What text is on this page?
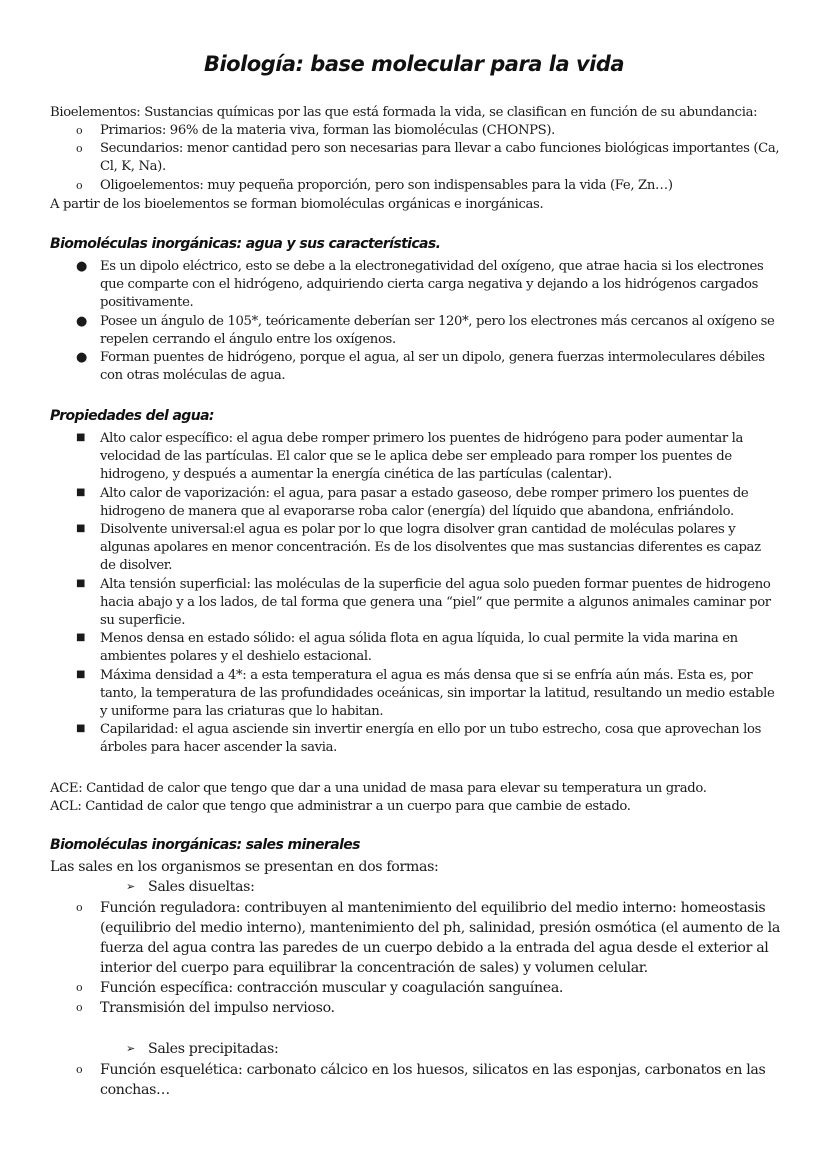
Biología: base molecular para la vida
Bioelementos: Sustancias químicas por las que está formada la vida, se clasifican en función de su abundancia:
o Primarios: 96% de la materia viva, forman las biomoléculas (CHONPS).
o Secundarios: menor cantidad pero son necesarias para llevar a cabo funciones biológicas importantes (Ca, Cl, K, Na).
o Oligoelementos: muy pequeña proporción, pero son indispensables para la vida (Fe, Zn…)
A partir de los bioelementos se forman biomoléculas orgánicas e inorgánicas.
Biomoléculas inorgánicas: agua y sus características.
● Es un dipolo eléctrico, esto se debe a la electronegatividad del oxígeno, que atrae hacia si los electrones que comparte con el hidrógeno, adquiriendo cierta carga negativa y dejando a los hidrógenos cargados positivamente.
● Posee un ángulo de 105*, teóricamente deberían ser 120*, pero los electrones más cercanos al oxígeno se repelen cerrando el ángulo entre los oxígenos.
● Forman puentes de hidrógeno, porque el agua, al ser un dipolo, genera fuerzas intermoleculares débiles con otras moléculas de agua.
Propiedades del agua:
■ Alto calor específico: el agua debe romper primero los puentes de hidrógeno para poder aumentar la velocidad de las partículas. El calor que se le aplica debe ser empleado para romper los puentes de hidrogeno, y después a aumentar la energía cinética de las partículas (calentar).
■ Alto calor de vaporización: el agua, para pasar a estado gaseoso, debe romper primero los puentes de hidrogeno de manera que al evaporarse roba calor (energía) del líquido que abandona, enfriándolo.
■ Disolvente universal:el agua es polar por lo que logra disolver gran cantidad de moléculas polares y algunas apolares en menor concentración. Es de los disolventes que mas sustancias diferentes es capaz de disolver.
■ Alta tensión superficial: las moléculas de la superficie del agua solo pueden formar puentes de hidrogeno hacia abajo y a los lados, de tal forma que genera una “piel” que permite a algunos animales caminar por su superficie.
■ Menos densa en estado sólido: el agua sólida flota en agua líquida, lo cual permite la vida marina en ambientes polares y el deshielo estacional.
■ Máxima densidad a 4*: a esta temperatura el agua es más densa que si se enfría aún más. Esta es, por tanto, la temperatura de las profundidades oceánicas, sin importar la latitud, resultando un medio estable y uniforme para las criaturas que lo habitan.
■ Capilaridad: el agua asciende sin invertir energía en ello por un tubo estrecho, cosa que aprovechan los árboles para hacer ascender la savia.
ACE: Cantidad de calor que tengo que dar a una unidad de masa para elevar su temperatura un grado.
ACL: Cantidad de calor que tengo que administrar a un cuerpo para que cambie de estado.
Biomoléculas inorgánicas: sales minerales
Las sales en los organismos se presentan en dos formas:
➢ Sales disueltas:
o Función reguladora: contribuyen al mantenimiento del equilibrio del medio interno: homeostasis (equilibrio del medio interno), mantenimiento del ph, salinidad, presión osmótica (el aumento de la fuerza del agua contra las paredes de un cuerpo debido a la entrada del agua desde el exterior al interior del cuerpo para equilibrar la concentración de sales) y volumen celular.
o Función específica: contracción muscular y coagulación sanguínea.
o Transmisión del impulso nervioso.
➢ Sales precipitadas:
o Función esquelética: carbonato cálcico en los huesos, silicatos en las esponjas, carbonatos en las conchas…
